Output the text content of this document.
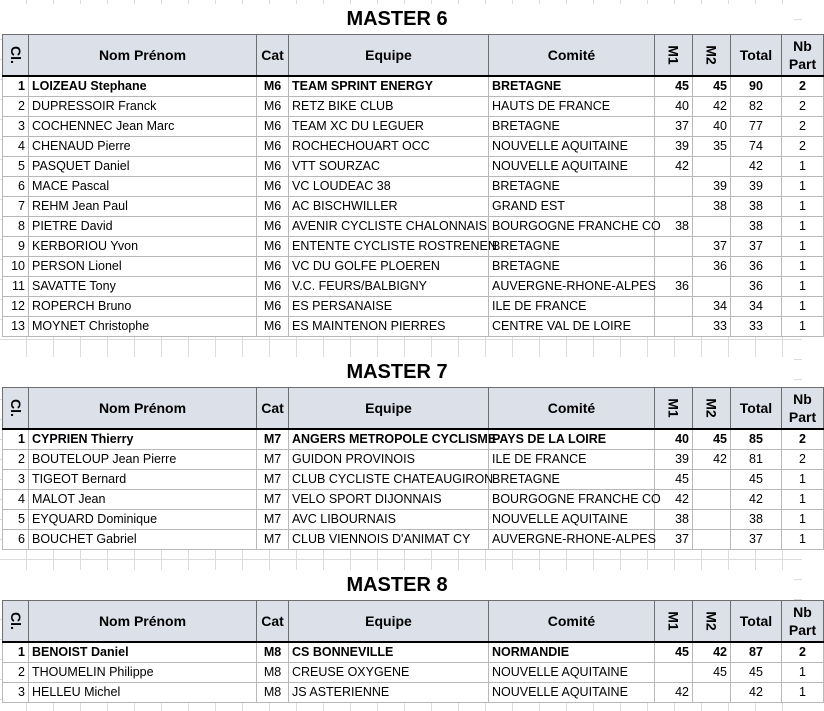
MASTER 6
Cl.	Nom Prénom	Cat	Equipe	Comité	M1	M2	Total	Nb
Part

1	LOIZEAU Stephane	M6	TEAM SPRINT ENERGY	BRETAGNE	45	45	90	2
2	DUPRESSOIR Franck	M6	RETZ BIKE CLUB	HAUTS DE FRANCE	40	42	82	2
3	COCHENNEC Jean Marc	M6	TEAM XC DU LEGUER	BRETAGNE	37	40	77	2
4	CHENAUD Pierre	M6	ROCHECHOUART OCC	NOUVELLE AQUITAINE	39	35	74	2
5	PASQUET Daniel	M6	VTT SOURZAC	NOUVELLE AQUITAINE	42		42	1
6	MACE Pascal	M6	VC LOUDEAC 38	BRETAGNE		39	39	1
7	REHM Jean Paul	M6	AC BISCHWILLER	GRAND EST		38	38	1
8	PIETRE David	M6	AVENIR CYCLISTE CHALONNAIS	BOURGOGNE FRANCHE CO	38		38	1
9	KERBORIOU Yvon	M6	ENTENTE CYCLISTE ROSTRENEN	BRETAGNE		37	37	1
10	PERSON Lionel	M6	VC DU GOLFE PLOEREN	BRETAGNE		36	36	1
11	SAVATTE Tony	M6	V.C. FEURS/BALBIGNY	AUVERGNE-RHONE-ALPES	36		36	1
12	ROPERCH Bruno	M6	ES PERSANAISE	ILE DE FRANCE		34	34	1
13	MOYNET Christophe	M6	ES MAINTENON PIERRES	CENTRE VAL DE LOIRE		33	33	1
MASTER 7
Cl.	Nom Prénom	Cat	Equipe	Comité	M1	M2	Total	Nb
Part

1	CYPRIEN Thierry	M7	ANGERS METROPOLE CYCLISME	PAYS DE LA LOIRE	40	45	85	2
2	BOUTELOUP Jean Pierre	M7	GUIDON PROVINOIS	ILE DE FRANCE	39	42	81	2
3	TIGEOT Bernard	M7	CLUB CYCLISTE CHATEAUGIRON	BRETAGNE	45		45	1
4	MALOT Jean	M7	VELO SPORT DIJONNAIS	BOURGOGNE FRANCHE CO	42		42	1
5	EYQUARD Dominique	M7	AVC LIBOURNAIS	NOUVELLE AQUITAINE	38		38	1
6	BOUCHET Gabriel	M7	CLUB VIENNOIS D'ANIMAT CY	AUVERGNE-RHONE-ALPES	37		37	1
MASTER 8
Cl.	Nom Prénom	Cat	Equipe	Comité	M1	M2	Total	Nb
Part

1	BENOIST Daniel	M8	CS BONNEVILLE	NORMANDIE	45	42	87	2
2	THOUMELIN Philippe	M8	CREUSE OXYGENE	NOUVELLE AQUITAINE		45	45	1
3	HELLEU Michel	M8	JS ASTERIENNE	NOUVELLE AQUITAINE	42		42	1
